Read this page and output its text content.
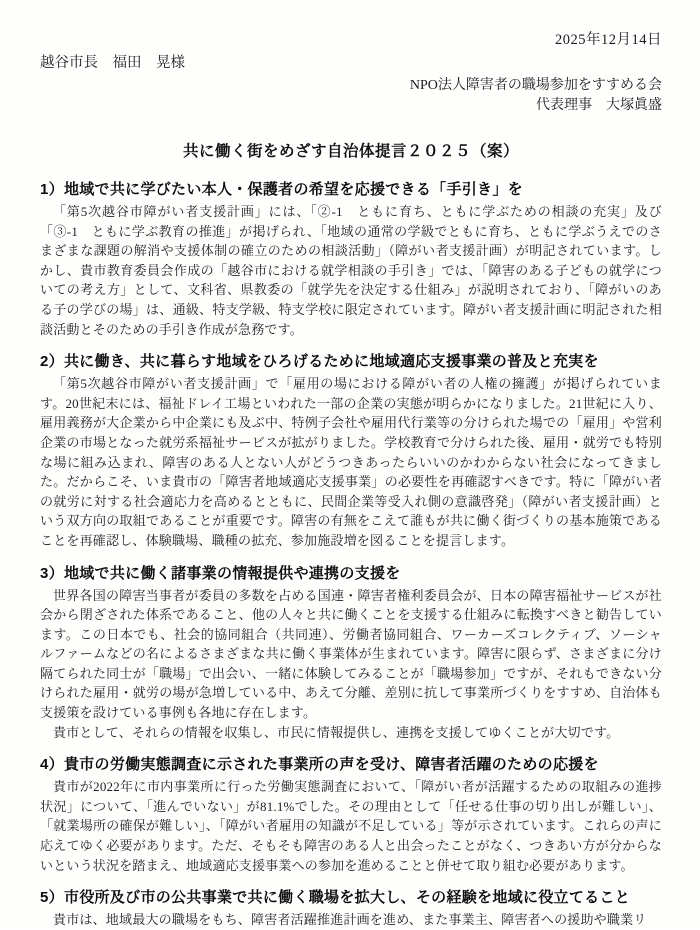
2025年12月14日
越谷市長　福田　晃様
NPO法人障害者の職場参加をすすめる会
代表理事　大塚眞盛
共に働く街をめざす自治体提言２０２５（案）
1）地域で共に学びたい本人・保護者の希望を応援できる「手引き」を

「第5次越谷市障がい者支援計画」には、「②-1　ともに育ち、ともに学ぶための相談の充実」及び「③-1　ともに学ぶ教育の推進」が掲げられ、「地域の通常の学級でともに育ち、ともに学ぶうえでのさまざまな課題の解消や支援体制の確立のための相談活動」（障がい者支援計画）が明記されています。しかし、貴市教育委員会作成の「越谷市における就学相談の手引き」では、「障害のある子どもの就学についての考え方」として、文科省、県教委の「就学先を決定する仕組み」が説明されており、「障がいのある子の学びの場」は、通級、特支学級、特支学校に限定されています。障がい者支援計画に明記された相談活動とそのための手引き作成が急務です。

2）共に働き、共に暮らす地域をひろげるために地域適応支援事業の普及と充実を

「第5次越谷市障がい者支援計画」で「雇用の場における障がい者の人権の擁護」が掲げられています。20世紀末には、福祉ドレイ工場といわれた一部の企業の実態が明らかになりました。21世紀に入り、雇用義務が大企業から中企業にも及ぶ中、特例子会社や雇用代行業等の分けられた場での「雇用」や営利企業の市場となった就労系福祉サービスが拡がりました。学校教育で分けられた後、雇用・就労でも特別な場に組み込まれ、障害のある人とない人がどうつきあったらいいのかわからない社会になってきました。だからこそ、いま貴市の「障害者地域適応支援事業」の必要性を再確認すべきです。特に「障がい者の就労に対する社会適応力を高めるとともに、民間企業等受入れ側の意識啓発」（障がい者支援計画）という双方向の取組であることが重要です。障害の有無をこえて誰もが共に働く街づくりの基本施策であることを再確認し、体験職場、職種の拡充、参加施設増を図ることを提言します。

3）地域で共に働く諸事業の情報提供や連携の支援を

世界各国の障害当事者が委員の多数を占める国連・障害者権利委員会が、日本の障害福祉サービスが社会から閉ざされた体系であること、他の人々と共に働くことを支援する仕組みに転換すべきと勧告しています。この日本でも、社会的協同組合（共同連）、労働者協同組合、ワーカーズコレクティブ、ソーシャルファームなどの名によるさまざまな共に働く事業体が生まれています。障害に限らず、さまざまに分け隔てられた同士が「職場」で出会い、一緒に体験してみることが「職場参加」ですが、それもできない分けられた雇用・就労の場が急増している中、あえて分離、差別に抗して事業所づくりをすすめ、自治体も支援策を設けている事例も各地に存在します。

貴市として、それらの情報を収集し、市民に情報提供し、連携を支援してゆくことが大切です。

4）貴市の労働実態調査に示された事業所の声を受け、障害者活躍のための応援を

貴市が2022年に市内事業所に行った労働実態調査において、「障がい者が活躍するための取組みの進捗状況」について、「進んでいない」が81.1%でした。その理由として「任せる仕事の切り出しが難しい」、「就業場所の確保が難しい」、「障がい者雇用の知識が不足している」等が示されています。これらの声に応えてゆく必要があります。ただ、そもそも障害のある人と出会ったことがなく、つきあい方が分からないという状況を踏まえ、地域適応支援事業への参加を進めることと併せて取り組む必要があります。

5）市役所及び市の公共事業で共に働く職場を拡大し、その経験を地域に役立てること

貴市は、地域最大の職場をもち、障害者活躍推進計画を進め、また事業主、障害者への援助や職業リ
